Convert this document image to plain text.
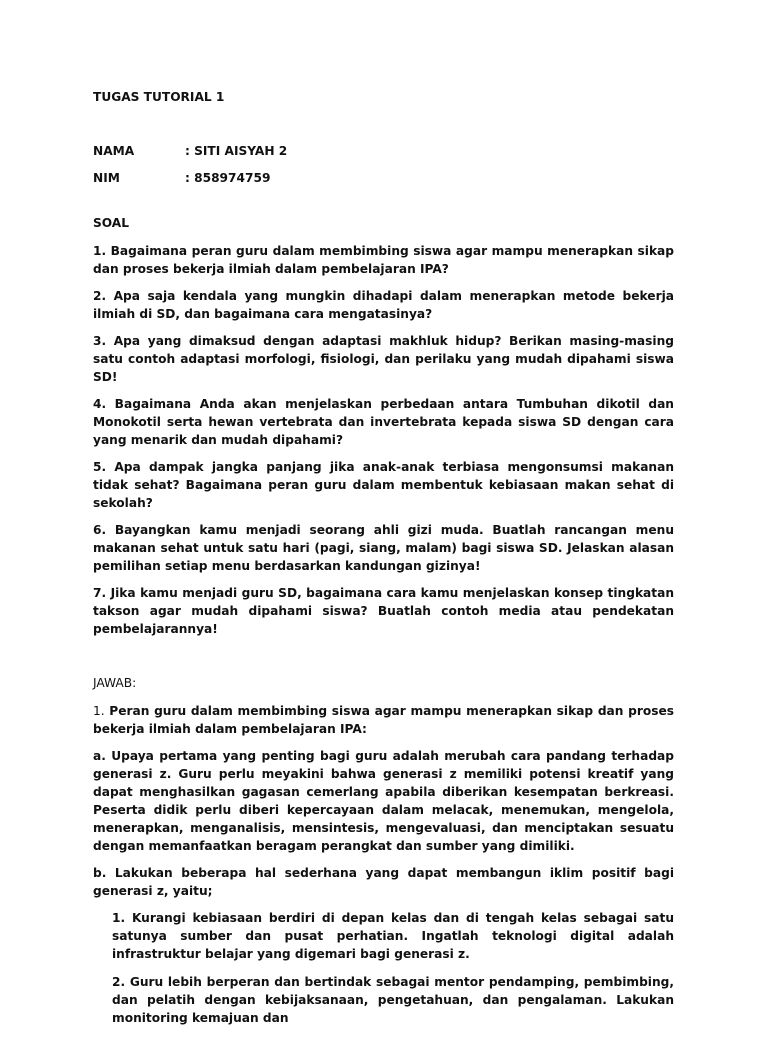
TUGAS TUTORIAL 1
NAMA	: SITI AISYAH 2
NIM	: 858974759
SOAL

1. Bagaimana peran guru dalam membimbing siswa agar mampu menerapkan sikap dan proses bekerja ilmiah dalam pembelajaran IPA?

2. Apa saja kendala yang mungkin dihadapi dalam menerapkan metode bekerja ilmiah di SD, dan bagaimana cara mengatasinya?

3. Apa yang dimaksud dengan adaptasi makhluk hidup? Berikan masing-masing satu contoh adaptasi morfologi, fisiologi, dan perilaku yang mudah dipahami siswa SD!

4. Bagaimana Anda akan menjelaskan perbedaan antara Tumbuhan dikotil dan Monokotil serta hewan vertebrata dan invertebrata kepada siswa SD dengan cara yang menarik dan mudah dipahami?

5. Apa dampak jangka panjang jika anak-anak terbiasa mengonsumsi makanan tidak sehat? Bagaimana peran guru dalam membentuk kebiasaan makan sehat di sekolah?

6. Bayangkan kamu menjadi seorang ahli gizi muda. Buatlah rancangan menu makanan sehat untuk satu hari (pagi, siang, malam) bagi siswa SD. Jelaskan alasan pemilihan setiap menu berdasarkan kandungan gizinya!

7. Jika kamu menjadi guru SD, bagaimana cara kamu menjelaskan konsep tingkatan takson agar mudah dipahami siswa? Buatlah contoh media atau pendekatan pembelajarannya!

JAWAB:

1. Peran guru dalam membimbing siswa agar mampu menerapkan sikap dan proses bekerja ilmiah dalam pembelajaran IPA:

a. Upaya pertama yang penting bagi guru adalah merubah cara pandang terhadap generasi z. Guru perlu meyakini bahwa generasi z memiliki potensi kreatif yang dapat menghasilkan gagasan cemerlang apabila diberikan kesempatan berkreasi. Peserta didik perlu diberi kepercayaan dalam melacak, menemukan, mengelola, menerapkan, menganalisis, mensintesis, mengevaluasi, dan menciptakan sesuatu dengan memanfaatkan beragam perangkat dan sumber yang dimiliki.

b. Lakukan beberapa hal sederhana yang dapat membangun iklim positif bagi generasi z, yaitu;

1. Kurangi kebiasaan berdiri di depan kelas dan di tengah kelas sebagai satu satunya sumber dan pusat perhatian. Ingatlah teknologi digital adalah infrastruktur belajar yang digemari bagi generasi z.

2. Guru lebih berperan dan bertindak sebagai mentor pendamping, pembimbing, dan pelatih dengan kebijaksanaan, pengetahuan, dan pengalaman. Lakukan monitoring kemajuan dan
